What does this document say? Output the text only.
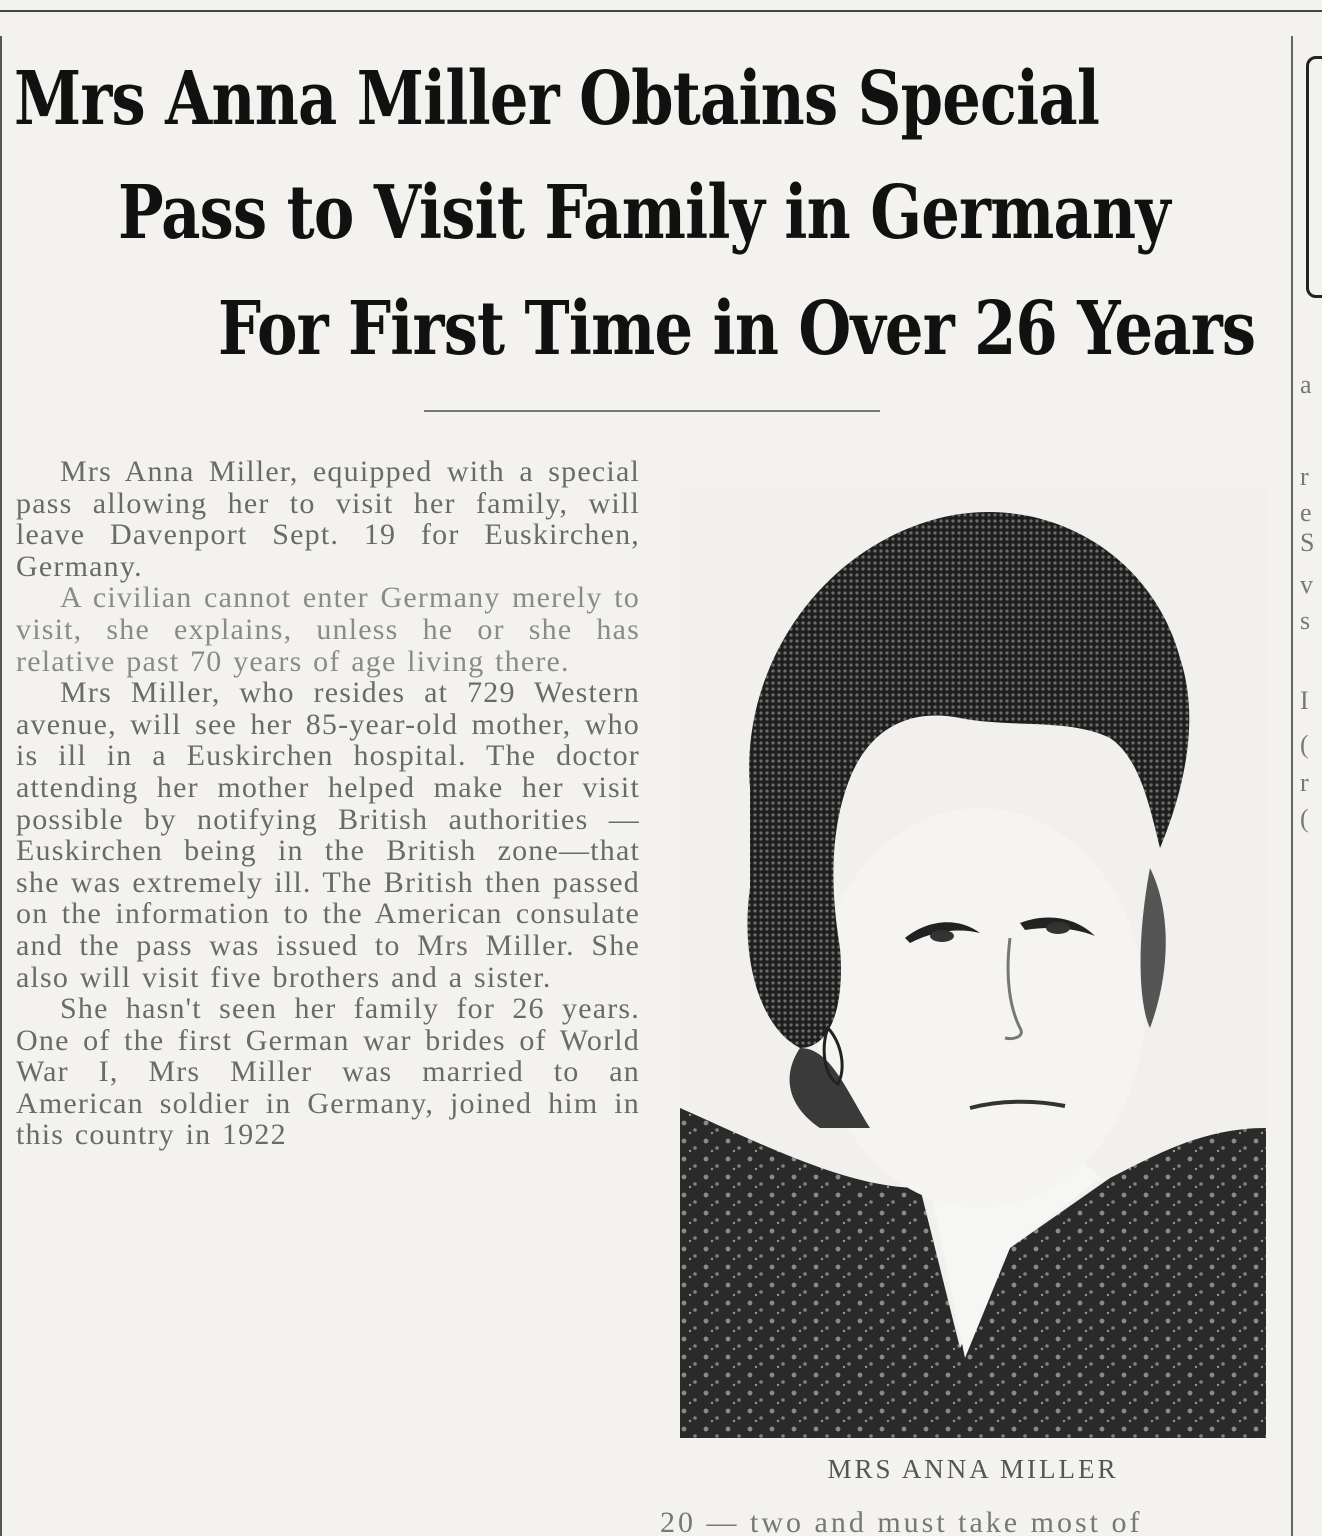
Mrs Anna Miller Obtains Special
Pass to Visit Family in Germany
For First Time in Over 26 Years

Mrs Anna Miller, equipped with a special pass allowing her to visit her family, will leave Davenport Sept. 19 for Euskirchen, Germany.

A civilian cannot enter Germany merely to visit, she explains, unless he or she has relative past 70 years of age living there.

Mrs Miller, who resides at 729 Western avenue, will see her 85-year-old mother, who is ill in a Euskirchen hospital. The doctor attending her mother helped make her visit possible by notifying British authorities — Euskirchen being in the British zone—that she was extremely ill. The British then passed on the information to the American consulate and the pass was issued to Mrs Miller. She also will visit five brothers and a sister.

She hasn't seen her family for 26 years. One of the first German war brides of World War I, Mrs Miller was married to an American soldier in Germany, joined him in this country in 1922

MRS ANNA MILLER
20 — two and must take most of
a
r
e
S
v
s
I
(
r
(
